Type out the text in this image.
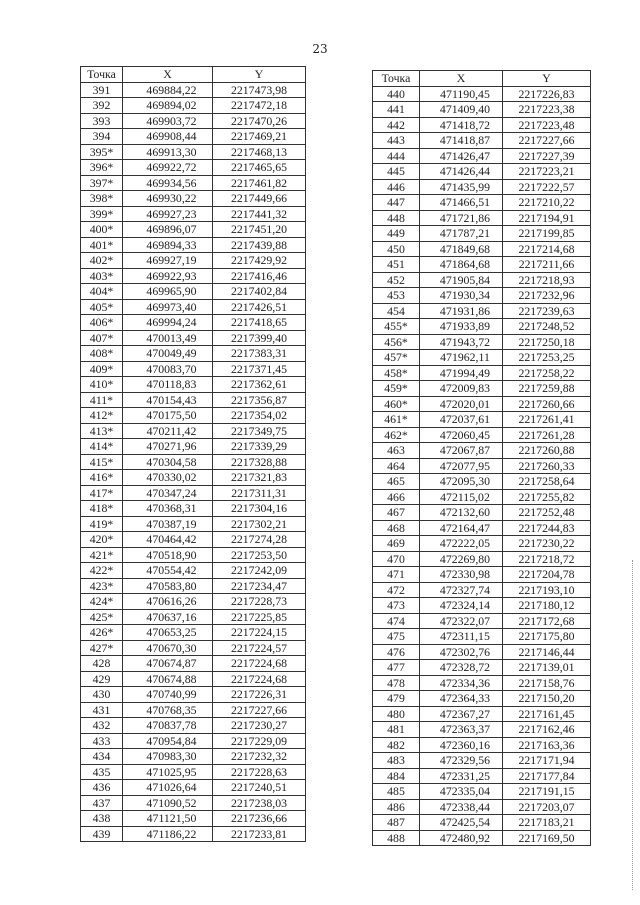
23
Точка	X	Y
391	469884,22	2217473,98
392	469894,02	2217472,18
393	469903,72	2217470,26
394	469908,44	2217469,21
395*	469913,30	2217468,13
396*	469922,72	2217465,65
397*	469934,56	2217461,82
398*	469930,22	2217449,66
399*	469927,23	2217441,32
400*	469896,07	2217451,20
401*	469894,33	2217439,88
402*	469927,19	2217429,92
403*	469922,93	2217416,46
404*	469965,90	2217402,84
405*	469973,40	2217426,51
406*	469994,24	2217418,65
407*	470013,49	2217399,40
408*	470049,49	2217383,31
409*	470083,70	2217371,45
410*	470118,83	2217362,61
411*	470154,43	2217356,87
412*	470175,50	2217354,02
413*	470211,42	2217349,75
414*	470271,96	2217339,29
415*	470304,58	2217328,88
416*	470330,02	2217321,83
417*	470347,24	2217311,31
418*	470368,31	2217304,16
419*	470387,19	2217302,21
420*	470464,42	2217274,28
421*	470518,90	2217253,50
422*	470554,42	2217242,09
423*	470583,80	2217234,47
424*	470616,26	2217228,73
425*	470637,16	2217225,85
426*	470653,25	2217224,15
427*	470670,30	2217224,57
428	470674,87	2217224,68
429	470674,88	2217224,68
430	470740,99	2217226,31
431	470768,35	2217227,66
432	470837,78	2217230,27
433	470954,84	2217229,09
434	470983,30	2217232,32
435	471025,95	2217228,63
436	471026,64	2217240,51
437	471090,52	2217238,03
438	471121,50	2217236,66
439	471186,22	2217233,81
Точка	X	Y
440	471190,45	2217226,83
441	471409,40	2217223,38
442	471418,72	2217223,48
443	471418,87	2217227,66
444	471426,47	2217227,39
445	471426,44	2217223,21
446	471435,99	2217222,57
447	471466,51	2217210,22
448	471721,86	2217194,91
449	471787,21	2217199,85
450	471849,68	2217214,68
451	471864,68	2217211,66
452	471905,84	2217218,93
453	471930,34	2217232,96
454	471931,86	2217239,63
455*	471933,89	2217248,52
456*	471943,72	2217250,18
457*	471962,11	2217253,25
458*	471994,49	2217258,22
459*	472009,83	2217259,88
460*	472020,01	2217260,66
461*	472037,61	2217261,41
462*	472060,45	2217261,28
463	472067,87	2217260,88
464	472077,95	2217260,33
465	472095,30	2217258,64
466	472115,02	2217255,82
467	472132,60	2217252,48
468	472164,47	2217244,83
469	472222,05	2217230,22
470	472269,80	2217218,72
471	472330,98	2217204,78
472	472327,74	2217193,10
473	472324,14	2217180,12
474	472322,07	2217172,68
475	472311,15	2217175,80
476	472302,76	2217146,44
477	472328,72	2217139,01
478	472334,36	2217158,76
479	472364,33	2217150,20
480	472367,27	2217161,45
481	472363,37	2217162,46
482	472360,16	2217163,36
483	472329,56	2217171,94
484	472331,25	2217177,84
485	472335,04	2217191,15
486	472338,44	2217203,07
487	472425,54	2217183,21
488	472480,92	2217169,50
